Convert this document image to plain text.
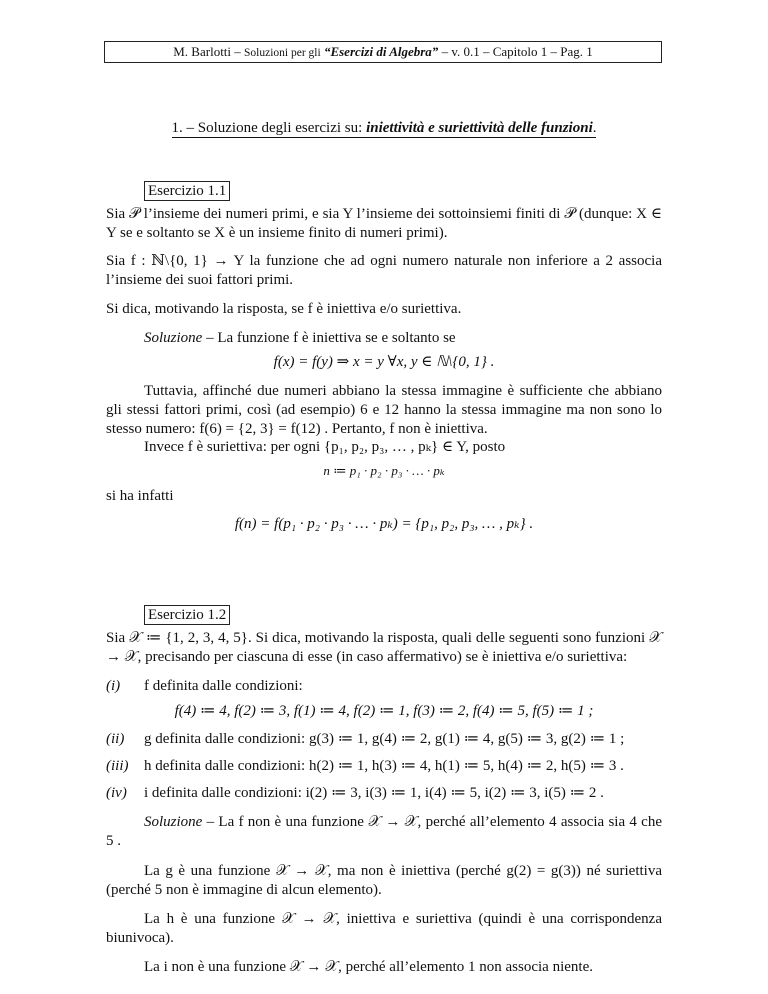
M. Barlotti – Soluzioni per gli “Esercizi di Algebra” – v. 0.1 – Capitolo 1 – Pag. 1
1. – Soluzione degli esercizi su: iniettività e suriettività delle funzioni.
Esercizio 1.1
Sia 𝒫 l’insieme dei numeri primi, e sia Y l’insieme dei sottoinsiemi finiti di 𝒫 (dunque: X ∈ Y se e soltanto se X è un insieme finito di numeri primi).
Sia f : ℕ\{0, 1} → Y la funzione che ad ogni numero naturale non inferiore a 2 associa l’insieme dei suoi fattori primi.
Si dica, motivando la risposta, se f è iniettiva e/o suriettiva.
Soluzione – La funzione f è iniettiva se e soltanto se
f(x) = f(y) ⇒ x = y ∀x, y ∈ ℕ\{0, 1} .
Tuttavia, affinché due numeri abbiano la stessa immagine è sufficiente che abbiano gli stessi fattori primi, così (ad esempio) 6 e 12 hanno la stessa immagine ma non sono lo stesso numero: f(6) = {2, 3} = f(12) . Pertanto, f non è iniettiva.
Invece f è suriettiva: per ogni {p₁, p₂, p₃, … , pₖ} ∈ Y, posto
n ≔ p₁ · p₂ · p₃ · … · pₖ
si ha infatti
f(n) = f(p₁ · p₂ · p₃ · … · pₖ) = {p₁, p₂, p₃, … , pₖ} .
Esercizio 1.2
Sia 𝒳 ≔ {1, 2, 3, 4, 5}. Si dica, motivando la risposta, quali delle seguenti sono funzioni 𝒳 → 𝒳, precisando per ciascuna di esse (in caso affermativo) se è iniettiva e/o suriettiva:
(i) f definita dalle condizioni:
f(4) ≔ 4, f(2) ≔ 3, f(1) ≔ 4, f(2) ≔ 1, f(3) ≔ 2, f(4) ≔ 5, f(5) ≔ 1 ;
(ii) g definita dalle condizioni: g(3) ≔ 1, g(4) ≔ 2, g(1) ≔ 4, g(5) ≔ 3, g(2) ≔ 1 ;
(iii) h definita dalle condizioni: h(2) ≔ 1, h(3) ≔ 4, h(1) ≔ 5, h(4) ≔ 2, h(5) ≔ 3 .
(iv) i definita dalle condizioni: i(2) ≔ 3, i(3) ≔ 1, i(4) ≔ 5, i(2) ≔ 3, i(5) ≔ 2 .
Soluzione – La f non è una funzione 𝒳 → 𝒳, perché all’elemento 4 associa sia 4 che 5 .
La g è una funzione 𝒳 → 𝒳, ma non è iniettiva (perché g(2) = g(3)) né suriettiva (perché 5 non è immagine di alcun elemento).
La h è una funzione 𝒳 → 𝒳, iniettiva e suriettiva (quindi è una corrispondenza biunivoca).
La i non è una funzione 𝒳 → 𝒳, perché all’elemento 1 non associa niente.
